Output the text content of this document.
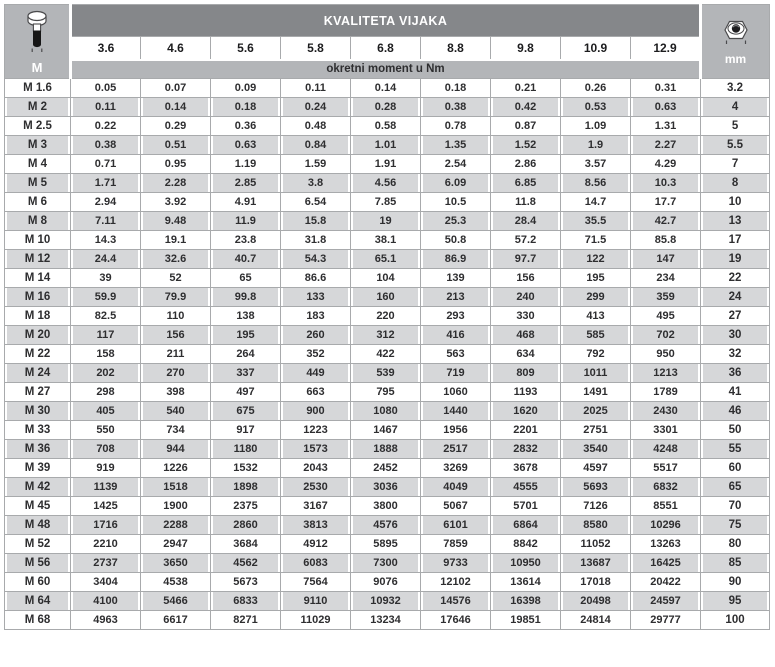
M	KVALITETA VIJAKA									mm

	3.6	4.6	5.6	5.8	6.8	8.8	9.8	10.9	12.9	
	okretni moment u Nm									
M 1.6	0.05	0.07	0.09	0.11	0.14	0.18	0.21	0.26	0.31	3.2
M 2	0.11	0.14	0.18	0.24	0.28	0.38	0.42	0.53	0.63	4
M 2.5	0.22	0.29	0.36	0.48	0.58	0.78	0.87	1.09	1.31	5
M 3	0.38	0.51	0.63	0.84	1.01	1.35	1.52	1.9	2.27	5.5
M 4	0.71	0.95	1.19	1.59	1.91	2.54	2.86	3.57	4.29	7
M 5	1.71	2.28	2.85	3.8	4.56	6.09	6.85	8.56	10.3	8
M 6	2.94	3.92	4.91	6.54	7.85	10.5	11.8	14.7	17.7	10
M 8	7.11	9.48	11.9	15.8	19	25.3	28.4	35.5	42.7	13
M 10	14.3	19.1	23.8	31.8	38.1	50.8	57.2	71.5	85.8	17
M 12	24.4	32.6	40.7	54.3	65.1	86.9	97.7	122	147	19
M 14	39	52	65	86.6	104	139	156	195	234	22
M 16	59.9	79.9	99.8	133	160	213	240	299	359	24
M 18	82.5	110	138	183	220	293	330	413	495	27
M 20	117	156	195	260	312	416	468	585	702	30
M 22	158	211	264	352	422	563	634	792	950	32
M 24	202	270	337	449	539	719	809	1011	1213	36
M 27	298	398	497	663	795	1060	1193	1491	1789	41
M 30	405	540	675	900	1080	1440	1620	2025	2430	46
M 33	550	734	917	1223	1467	1956	2201	2751	3301	50
M 36	708	944	1180	1573	1888	2517	2832	3540	4248	55
M 39	919	1226	1532	2043	2452	3269	3678	4597	5517	60
M 42	1139	1518	1898	2530	3036	4049	4555	5693	6832	65
M 45	1425	1900	2375	3167	3800	5067	5701	7126	8551	70
M 48	1716	2288	2860	3813	4576	6101	6864	8580	10296	75
M 52	2210	2947	3684	4912	5895	7859	8842	11052	13263	80
M 56	2737	3650	4562	6083	7300	9733	10950	13687	16425	85
M 60	3404	4538	5673	7564	9076	12102	13614	17018	20422	90
M 64	4100	5466	6833	9110	10932	14576	16398	20498	24597	95
M 68	4963	6617	8271	11029	13234	17646	19851	24814	29777	100
